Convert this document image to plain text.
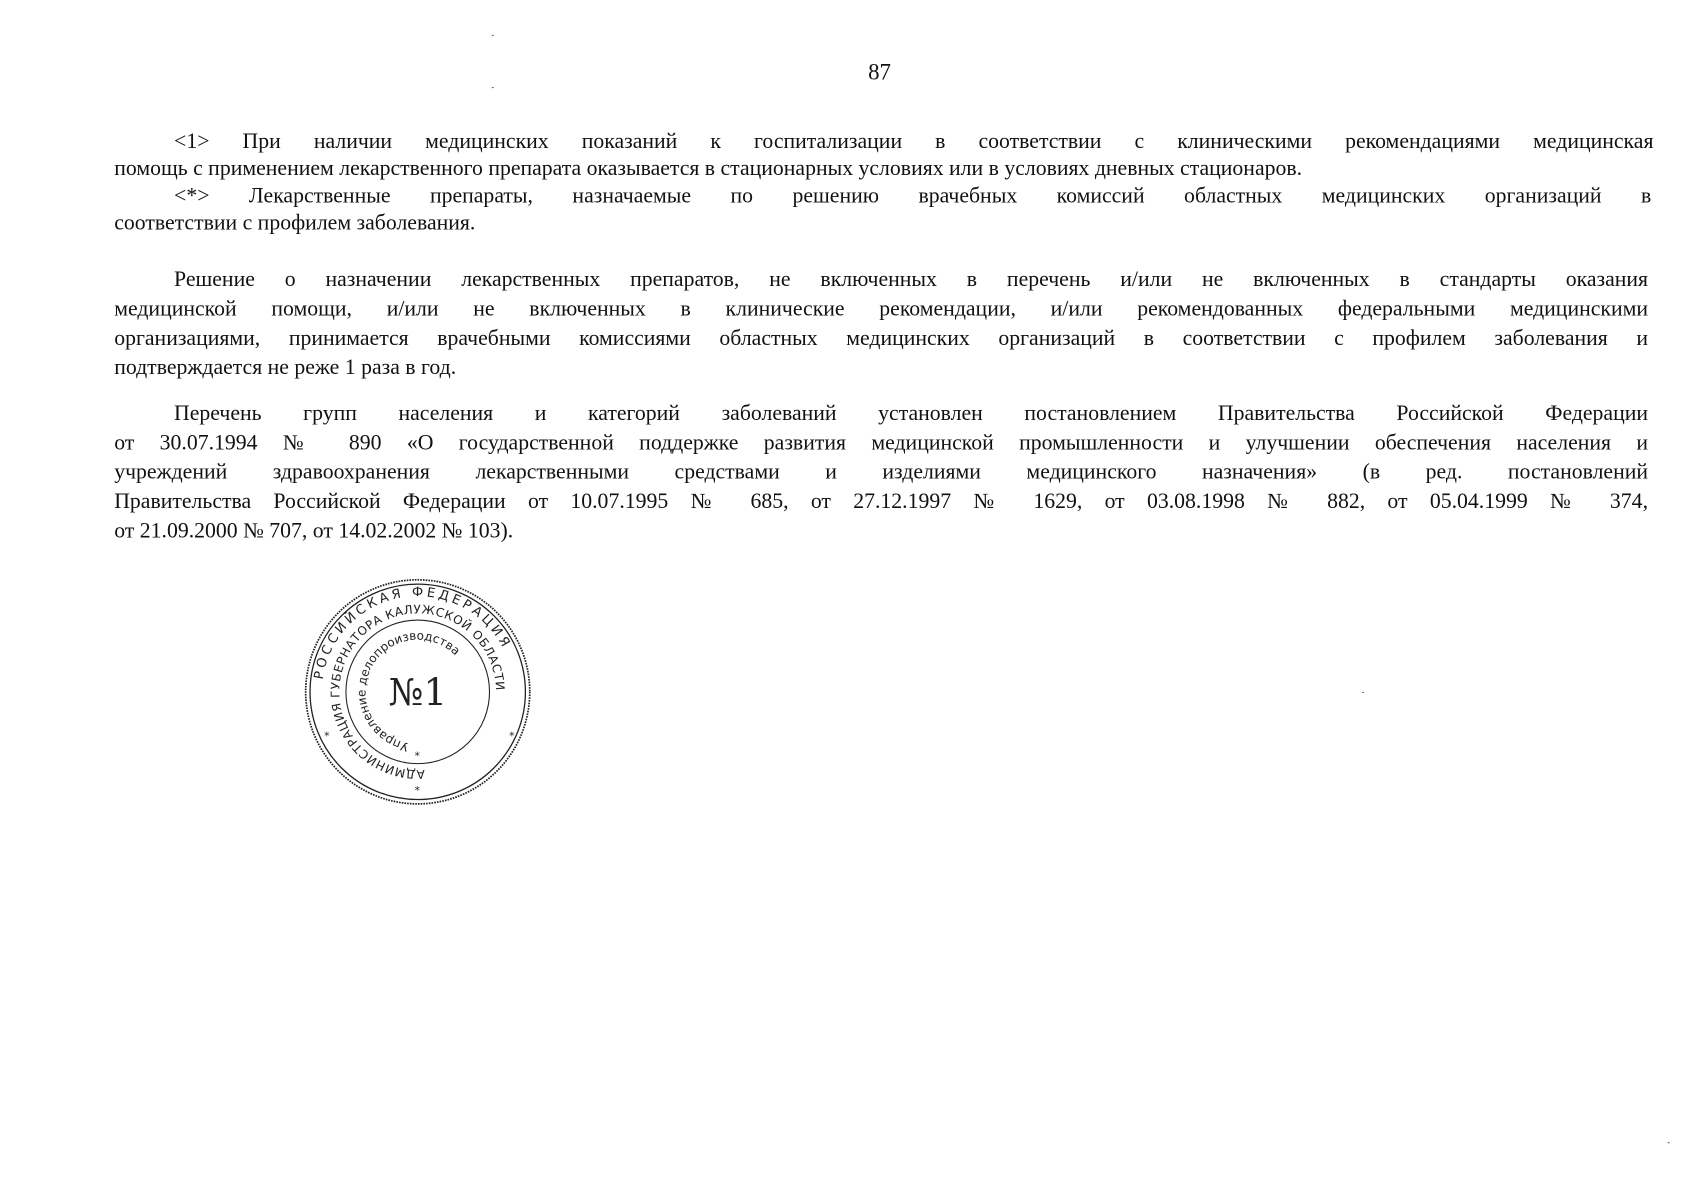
87
<1> При наличии медицинских показаний к госпитализации в соответствии с клиническими рекомендациями медицинская
помощь с применением лекарственного препарата оказывается в стационарных условиях или в условиях дневных стационаров.
<*> Лекарственные препараты, назначаемые по решению врачебных комиссий областных медицинских организаций в
соответствии с профилем заболевания.
Решение о назначении лекарственных препаратов, не включенных в перечень и/или не включенных в стандарты оказания
медицинской помощи, и/или не включенных в клинические рекомендации, и/или рекомендованных федеральными медицинскими
организациями, принимается врачебными комиссиями областных медицинских организаций в соответствии с профилем заболевания и
подтверждается не реже 1 раза в год.
Перечень групп населения и категорий заболеваний установлен постановлением Правительства Российской Федерации
от 30.07.1994 № 890 «О государственной поддержке развития медицинской промышленности и улучшении обеспечения населения и
учреждений здравоохранения лекарственными средствами и изделиями медицинского назначения» (в ред. постановлений
Правительства Российской Федерации от 10.07.1995 № 685, от 27.12.1997 № 1629, от 03.08.1998 № 882, от 05.04.1999 № 374,
от 21.09.2000 № 707, от 14.02.2002 № 103).
РОССИЙСКАЯ ФЕДЕРАЦИЯ
АДМИНИСТРАЦИЯ ГУБЕРНАТОРА КАЛУЖСКОЙ ОБЛАСТИ
Управление делопроизводства
№1
*	*
*
*
